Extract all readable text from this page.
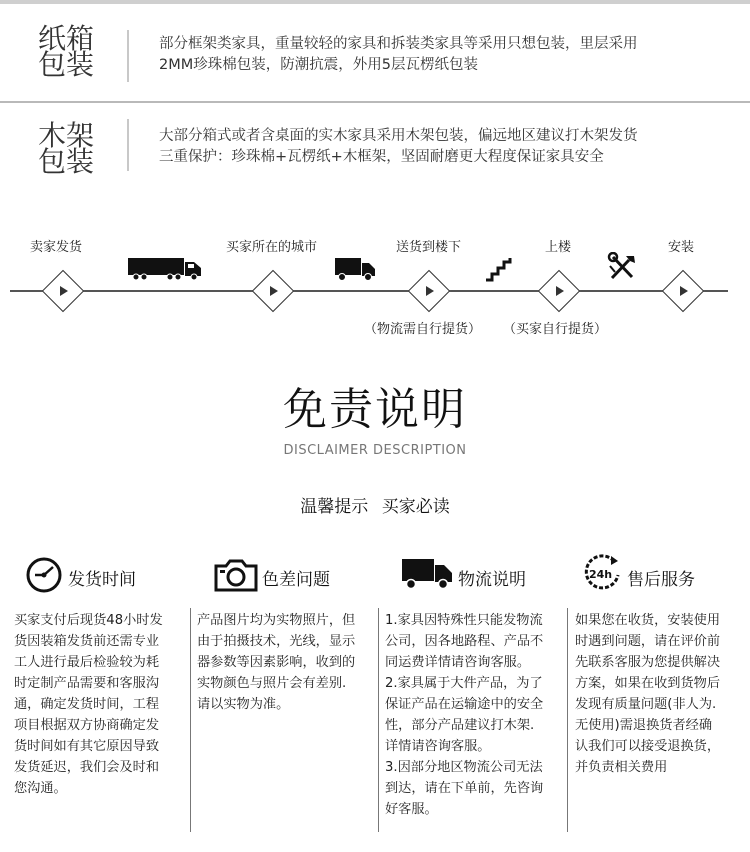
纸箱
包装
部分框架类家具，重量较轻的家具和拆装类家具等采用只想包装，里层采用
2MM珍珠棉包装，防潮抗震，外用5层瓦楞纸包装
木架
包装
大部分箱式或者含桌面的实木家具采用木架包装，偏远地区建议打木架发货
三重保护：珍珠棉+瓦楞纸+木框架，坚固耐磨更大程度保证家具安全
卖家发货	买家所在的城市	送货到楼下	上楼	安装
（物流需自行提货） （买家自行提货）
免责说明
DISCLAIMER DESCRIPTION
温馨提示 买家必读
发货时间	色差问题	物流说明	24h 售后服务
买家支付后现货48小时发
货因装箱发货前还需专业
工人进行最后检验较为耗
时定制产品需要和客服沟
通，确定发货时间，工程
项目根据双方协商确定发
货时间如有其它原因导致
发货延迟，我们会及时和
您沟通。
产品图片均为实物照片，但
由于拍摄技术，光线，显示
器参数等因素影响，收到的
实物颜色与照片会有差别.
请以实物为准。
1.家具因特殊性只能发物流
公司，因各地路程、产品不
同运费详情请咨询客服。
2.家具属于大件产品，为了
保证产品在运输途中的安全
性，部分产品建议打木架.
详情请咨询客服。
3.因部分地区物流公司无法
到达，请在下单前，先咨询
好客服。
如果您在收货，安装使用
时遇到问题，请在评价前
先联系客服为您提供解决
方案，如果在收到货物后
发现有质量问题(非人为.
无使用)需退换货者经确
认我们可以接受退换货，
并负责相关费用
